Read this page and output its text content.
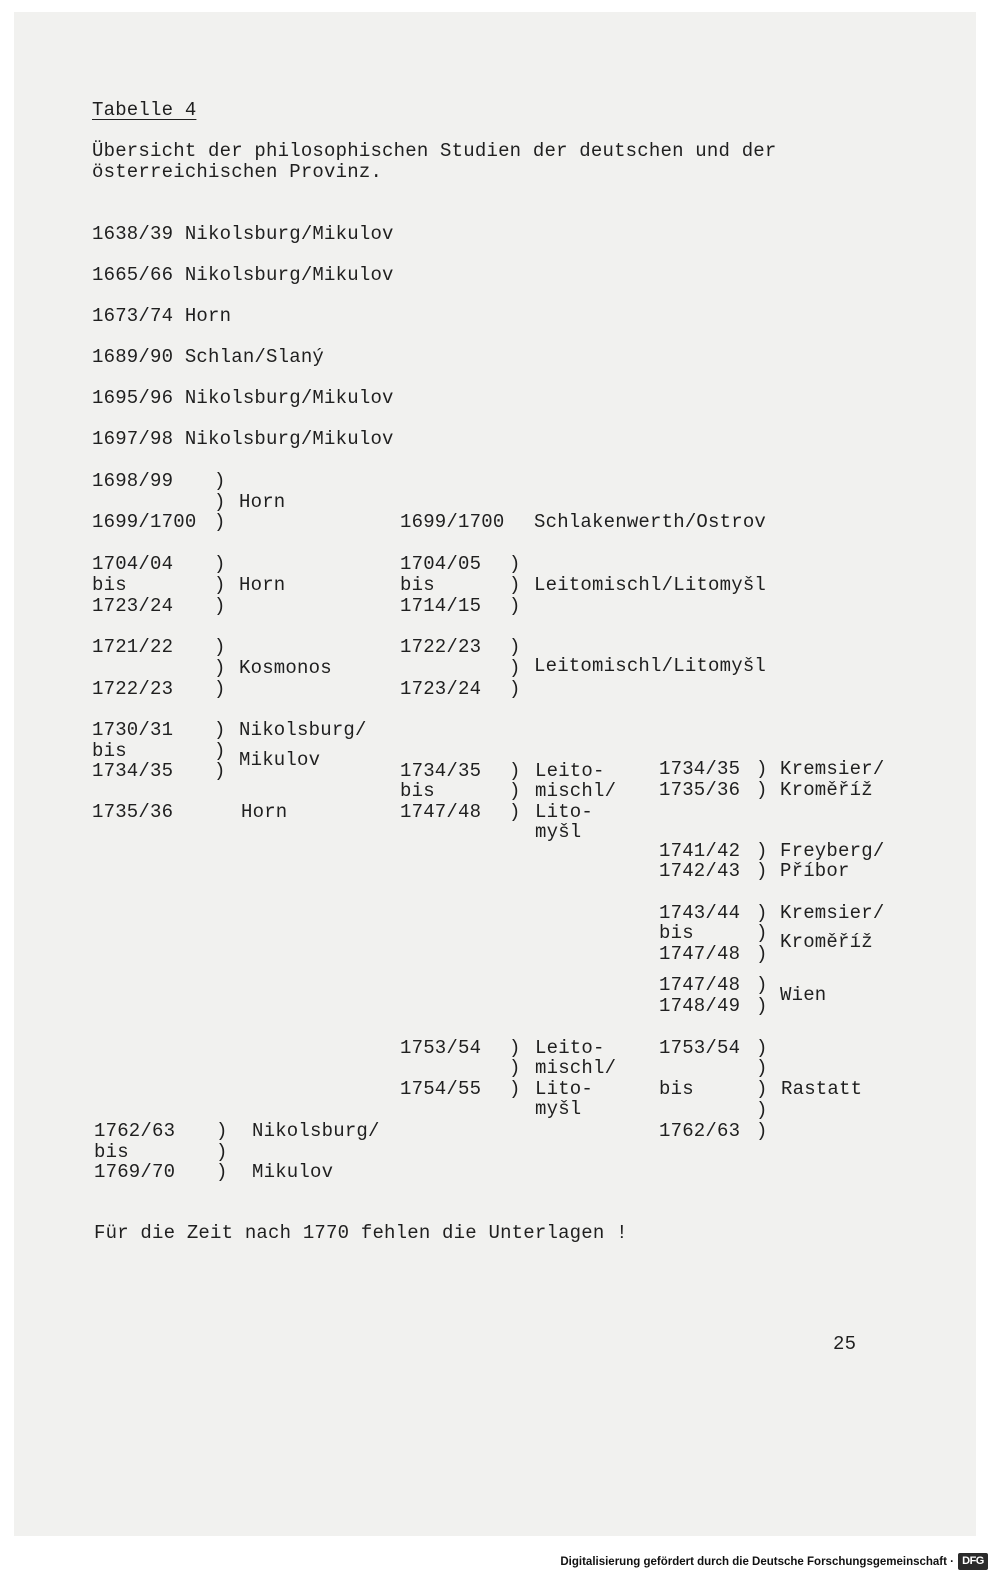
Tabelle 4
Übersicht der philosophischen Studien der deutschen und der
österreichischen Provinz.
1638/39 Nikolsburg/Mikulov
1665/66 Nikolsburg/Mikulov
1673/74 Horn
1689/90 Schlan/Slaný
1695/96 Nikolsburg/Mikulov
1697/98 Nikolsburg/Mikulov
1698/99
1699/1700
)
)
)
Horn
1699/1700 Schlakenwerth/Ostrov
1704/04
bis
1723/24
)
)
)
Horn
1704/05
bis
1714/15
)
)
)
Leitomischl/Litomyšl
1721/22
1722/23
)
)
)
Kosmonos
1722/23
1723/24
)
)
)
Leitomischl/Litomyšl
1730/31
bis
1734/35
)
)
)
Nikolsburg/
Mikulov
1735/36	Horn
1734/35
bis
1747/48
)
)
)
Leito-
mischl/
Lito-
myšl
1734/35
1735/36
)
)
Kremsier/
Kroměříž
1741/42
1742/43
)
)
Freyberg/
Příbor
1743/44
bis
1747/48
)
)
)
Kremsier/
Kroměříž
1747/48
1748/49
)
) Wien
1753/54
1754/55
)
)
)
Leito-
mischl/
Lito-
myšl
1753/54
bis
1762/63
)
)
)
)
)
Rastatt
1762/63
bis
1769/70
)
)
)
Nikolsburg/
Mikulov
Für die Zeit nach 1770 fehlen die Unterlagen !
25
Digitalisierung gefördert durch die Deutsche Forschungsgemeinschaft · DFG
